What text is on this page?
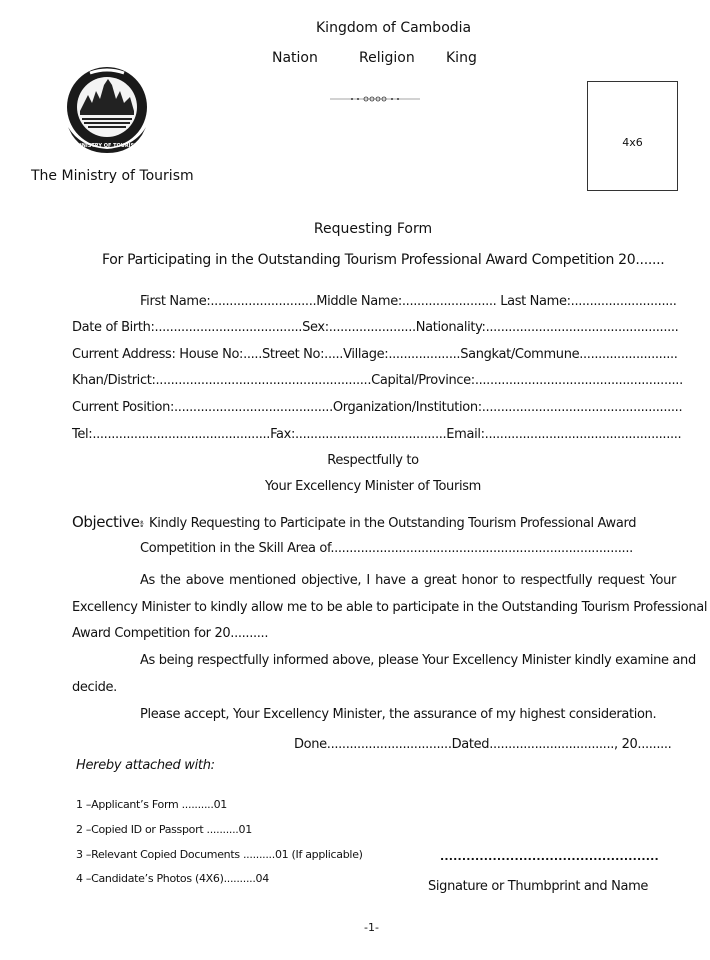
Kingdom of Cambodia
Nation	Religion King
MINISTRY OF TOURISM
The Ministry of Tourism
4x6
Requesting Form
For Participating in the Outstanding Tourism Professional Award Competition 20.......
First Name:............................Middle Name:......................... Last Name:............................
Date of Birth:.......................................Sex:.......................Nationality:...................................................
Current Address: House No:.....Street No:.....Village:...................Sangkat/Commune..........................
Khan/District:.........................................................Capital/Province:.......................................................
Current Position:..........................................Organization/Institution:.....................................................
Tel:...............................................Fax:........................................Email:....................................................
Respectfully to
Your Excellency Minister of Tourism
Objective៖ Kindly Requesting to Participate in the Outstanding Tourism Professional Award
Competition in the Skill Area of................................................................................
As the above mentioned objective, I have a great honor to respectfully request Your
Excellency Minister to kindly allow me to be able to participate in the Outstanding Tourism Professional
Award Competition for 20..........
As being respectfully informed above, please Your Excellency Minister kindly examine and
decide.
Please accept, Your Excellency Minister, the assurance of my highest consideration.
Done.................................Dated................................., 20.........
Hereby attached with:
1 –Applicant’s Form ..........01
2 –Copied ID or Passport ..........01
3 –Relevant Copied Documents ..........01 (If applicable)
4 –Candidate’s Photos (4X6)..........04
..................................................
Signature or Thumbprint and Name
-1-
